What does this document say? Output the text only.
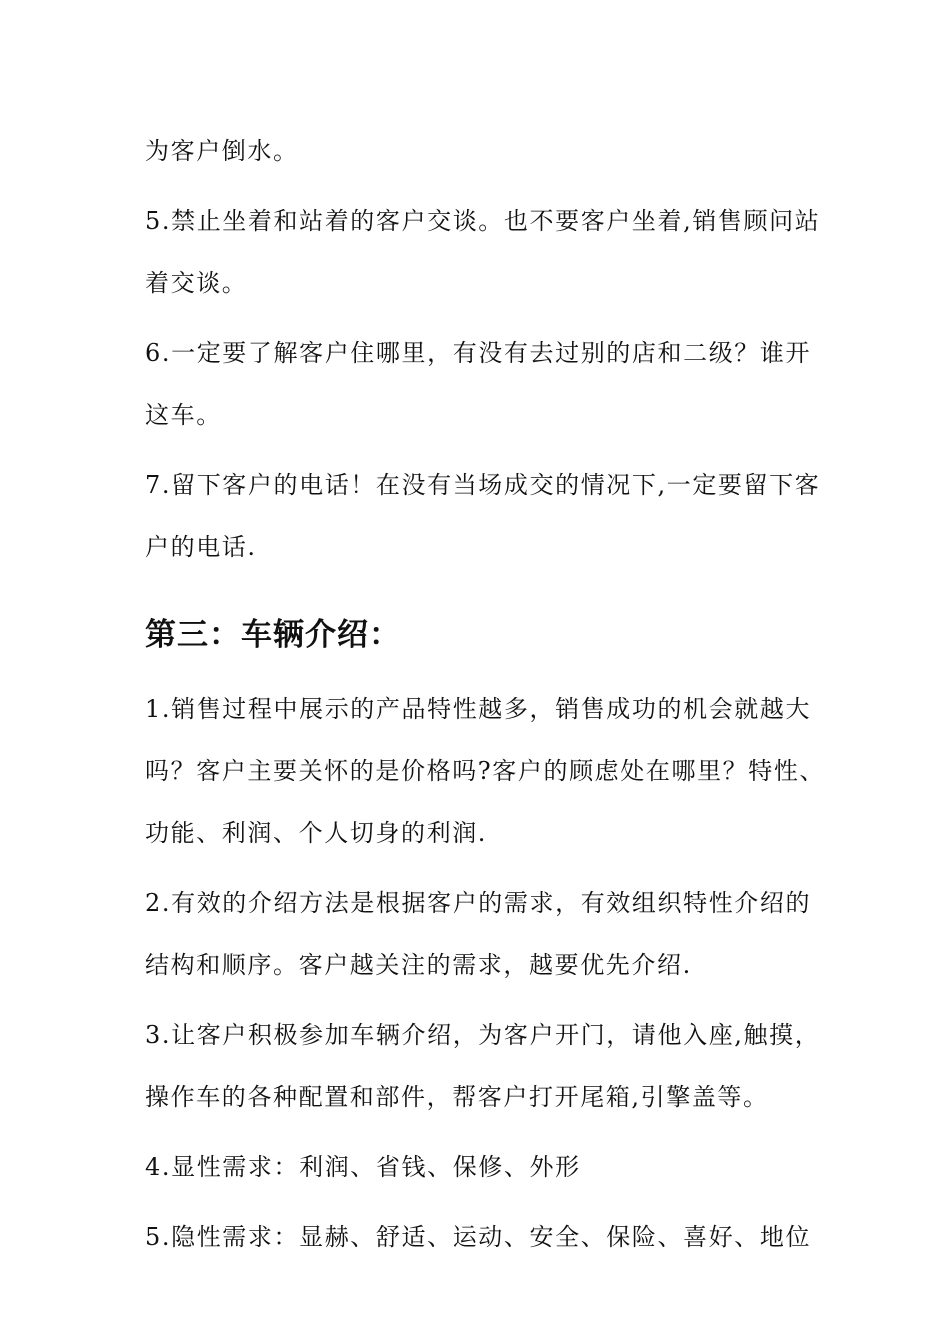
为客户倒水。

5.禁止坐着和站着的客户交谈。也不要客户坐着,销售顾问站着交谈。

6.一定要了解客户住哪里，有没有去过别的店和二级？谁开这车。

7.留下客户的电话！在没有当场成交的情况下,一定要留下客户的电话.

第三：车辆介绍：

1.销售过程中展示的产品特性越多，销售成功的机会就越大吗？客户主要关怀的是价格吗?客户的顾虑处在哪里？特性、功能、利润、个人切身的利润.

2.有效的介绍方法是根据客户的需求，有效组织特性介绍的结构和顺序。客户越关注的需求，越要优先介绍.

3.让客户积极参加车辆介绍，为客户开门，请他入座,触摸，操作车的各种配置和部件，帮客户打开尾箱,引擎盖等。

4.显性需求：利润、省钱、保修、外形

5.隐性需求：显赫、舒适、运动、安全、保险、喜好、地位
